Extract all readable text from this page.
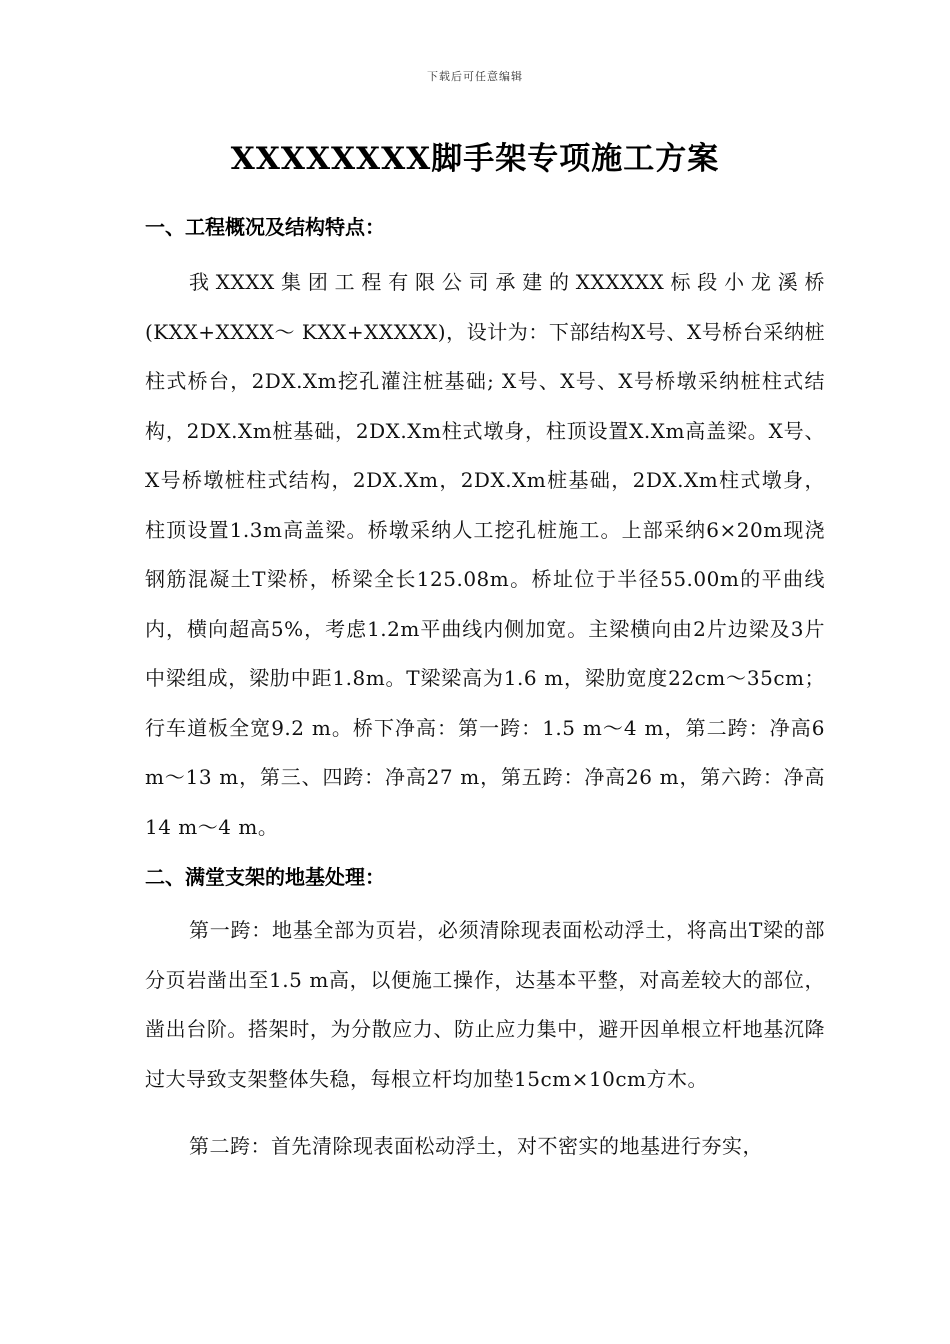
下载后可任意编辑
XXXXXXXX脚手架专项施工方案
一、工程概况及结构特点：

我XXXX集团工程有限公司承建的XXXXXX标段小龙溪桥(KXX+XXXX～ KXX+XXXXX)，设计为：下部结构X号、X号桥台采纳桩柱式桥台，2DX.Xm挖孔灌注桩基础; X号、X号、X号桥墩采纳桩柱式结构，2DX.Xm桩基础，2DX.Xm柱式墩身，柱顶设置X.Xm高盖梁。X号、X号桥墩桩柱式结构，2DX.Xm，2DX.Xm桩基础，2DX.Xm柱式墩身，柱顶设置1.3m高盖梁。桥墩采纳人工挖孔桩施工。上部采纳6×20m现浇钢筋混凝土T梁桥，桥梁全长125.08m。桥址位于半径55.00m的平曲线内，横向超高5%，考虑1.2m平曲线内侧加宽。主梁横向由2片边梁及3片中梁组成，梁肋中距1.8m。T梁梁高为1.6 m，梁肋宽度22cm～35cm；行车道板全宽9.2 m。桥下净高：第一跨：1.5 m～4 m，第二跨：净高6 m～13 m，第三、四跨：净高27 m，第五跨：净高26 m，第六跨：净高14 m～4 m。

二、满堂支架的地基处理：

第一跨：地基全部为页岩，必须清除现表面松动浮土，将高出T梁的部分页岩凿出至1.5 m高，以便施工操作，达基本平整，对高差较大的部位，凿出台阶。搭架时，为分散应力、防止应力集中，避开因单根立杆地基沉降过大导致支架整体失稳，每根立杆均加垫15cm×10cm方木。

第二跨：首先清除现表面松动浮土，对不密实的地基进行夯实，
